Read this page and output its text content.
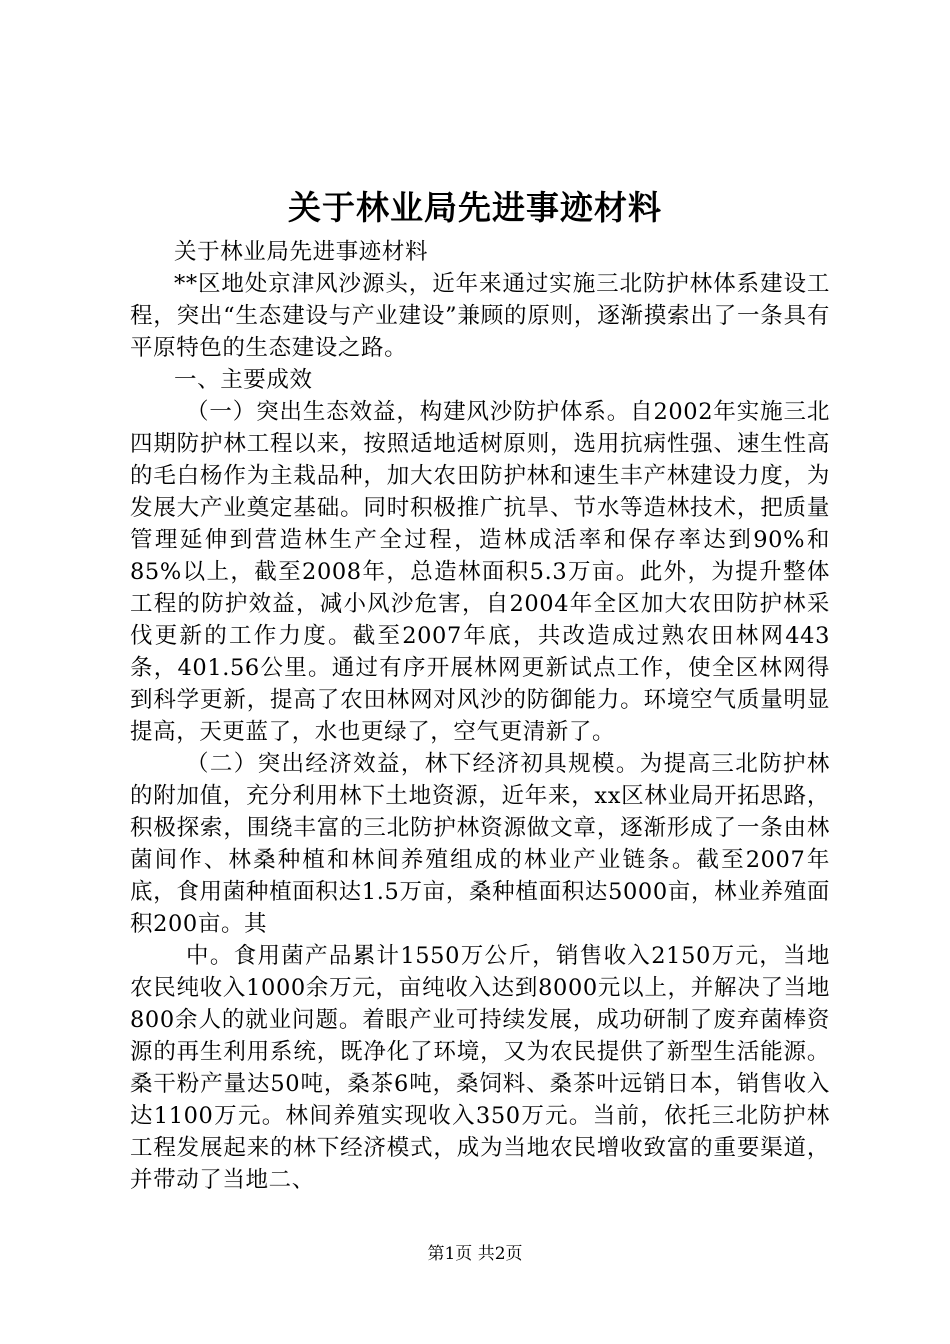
关于林业局先进事迹材料

关于林业局先进事迹材料

**区地处京津风沙源头，近年来通过实施三北防护林体系建设工程，突出“生态建设与产业建设”兼顾的原则，逐渐摸索出了一条具有平原特色的生态建设之路。

一、主要成效

（一）突出生态效益，构建风沙防护体系。自2002年实施三北四期防护林工程以来，按照适地适树原则，选用抗病性强、速生性高的毛白杨作为主栽品种，加大农田防护林和速生丰产林建设力度，为发展大产业奠定基础。同时积极推广抗旱、节水等造林技术，把质量管理延伸到营造林生产全过程，造林成活率和保存率达到90%和85%以上，截至2008年，总造林面积5.3万亩。此外，为提升整体工程的防护效益，减小风沙危害，自2004年全区加大农田防护林采伐更新的工作力度。截至2007年底，共改造成过熟农田林网443条，401.56公里。通过有序开展林网更新试点工作，使全区林网得到科学更新，提高了农田林网对风沙的防御能力。环境空气质量明显提高，天更蓝了，水也更绿了，空气更清新了。

（二）突出经济效益，林下经济初具规模。为提高三北防护林的附加值，充分利用林下土地资源，近年来，xx区林业局开拓思路，积极探索，围绕丰富的三北防护林资源做文章，逐渐形成了一条由林菌间作、林桑种植和林间养殖组成的林业产业链条。截至2007年底，食用菌种植面积达1.5万亩，桑种植面积达5000亩，林业养殖面积200亩。其

中。食用菌产品累计1550万公斤，销售收入2150万元，当地农民纯收入1000余万元，亩纯收入达到8000元以上，并解决了当地800余人的就业问题。着眼产业可持续发展，成功研制了废弃菌棒资源的再生利用系统，既净化了环境，又为农民提供了新型生活能源。桑干粉产量达50吨，桑茶6吨，桑饲料、桑茶叶远销日本，销售收入达1100万元。林间养殖实现收入350万元。当前，依托三北防护林工程发展起来的林下经济模式，成为当地农民增收致富的重要渠道，并带动了当地二、

第1页 共2页
